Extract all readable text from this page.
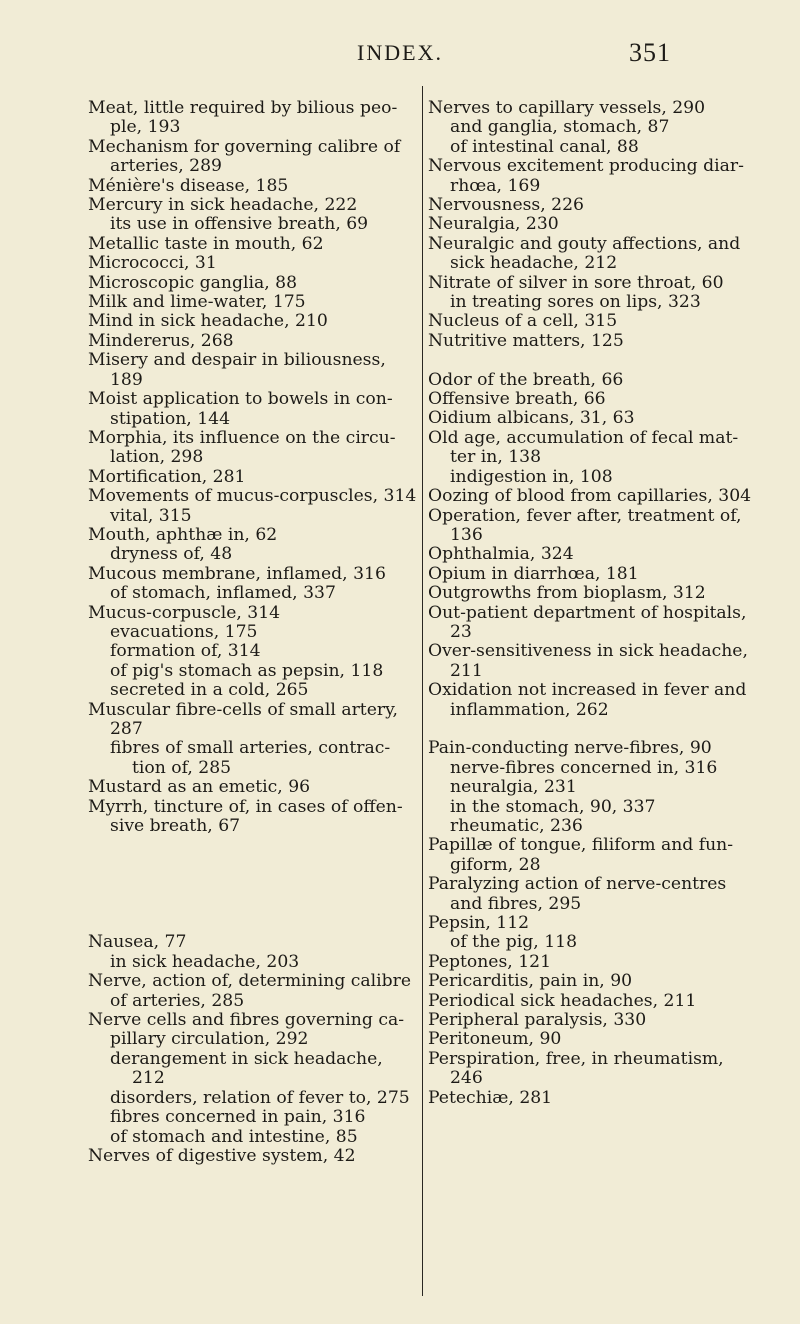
INDEX.	351

Meat, little required by bilious peo-ple, 193

Mechanism for governing calibre of arteries, 289

Ménière's disease, 185

Mercury in sick headache, 222

its use in offensive breath, 69

Metallic taste in mouth, 62

Micrococci, 31

Microscopic ganglia, 88

Milk and lime-water, 175

Mind in sick headache, 210

Mindererus, 268

Misery and despair in biliousness, 189

Moist application to bowels in con-stipation, 144

Morphia, its influence on the circu-lation, 298

Mortification, 281

Movements of mucus-corpuscles, 314

vital, 315

Mouth, aphthæ in, 62

dryness of, 48

Mucous membrane, inflamed, 316

of stomach, inflamed, 337

Mucus-corpuscle, 314

evacuations, 175

formation of, 314

of pig's stomach as pepsin, 118

secreted in a cold, 265

Muscular fibre-cells of small artery, 287

fibres of small arteries, contrac-tion of, 285

Mustard as an emetic, 96

Myrrh, tincture of, in cases of offen-sive breath, 67

Nausea, 77

in sick headache, 203

Nerve, action of, determining calibre of arteries, 285

Nerve cells and fibres governing ca-pillary circulation, 292

derangement in sick headache, 212

disorders, relation of fever to, 275

fibres concerned in pain, 316

of stomach and intestine, 85

Nerves of digestive system, 42

Nerves to capillary vessels, 290

and ganglia, stomach, 87

of intestinal canal, 88

Nervous excitement producing diar-rhœa, 169

Nervousness, 226

Neuralgia, 230

Neuralgic and gouty affections, and sick headache, 212

Nitrate of silver in sore throat, 60

in treating sores on lips, 323

Nucleus of a cell, 315

Nutritive matters, 125

Odor of the breath, 66

Offensive breath, 66

Oidium albicans, 31, 63

Old age, accumulation of fecal mat-ter in, 138

indigestion in, 108

Oozing of blood from capillaries, 304

Operation, fever after, treatment of, 136

Ophthalmia, 324

Opium in diarrhœa, 181

Outgrowths from bioplasm, 312

Out-patient department of hospitals, 23

Over-sensitiveness in sick headache, 211

Oxidation not increased in fever and inflammation, 262

Pain-conducting nerve-fibres, 90

nerve-fibres concerned in, 316

neuralgia, 231

in the stomach, 90, 337

rheumatic, 236

Papillæ of tongue, filiform and fun-giform, 28

Paralyzing action of nerve-centres and fibres, 295

Pepsin, 112

of the pig, 118

Peptones, 121

Pericarditis, pain in, 90

Periodical sick headaches, 211

Peripheral paralysis, 330

Peritoneum, 90

Perspiration, free, in rheumatism, 246

Petechiæ, 281
